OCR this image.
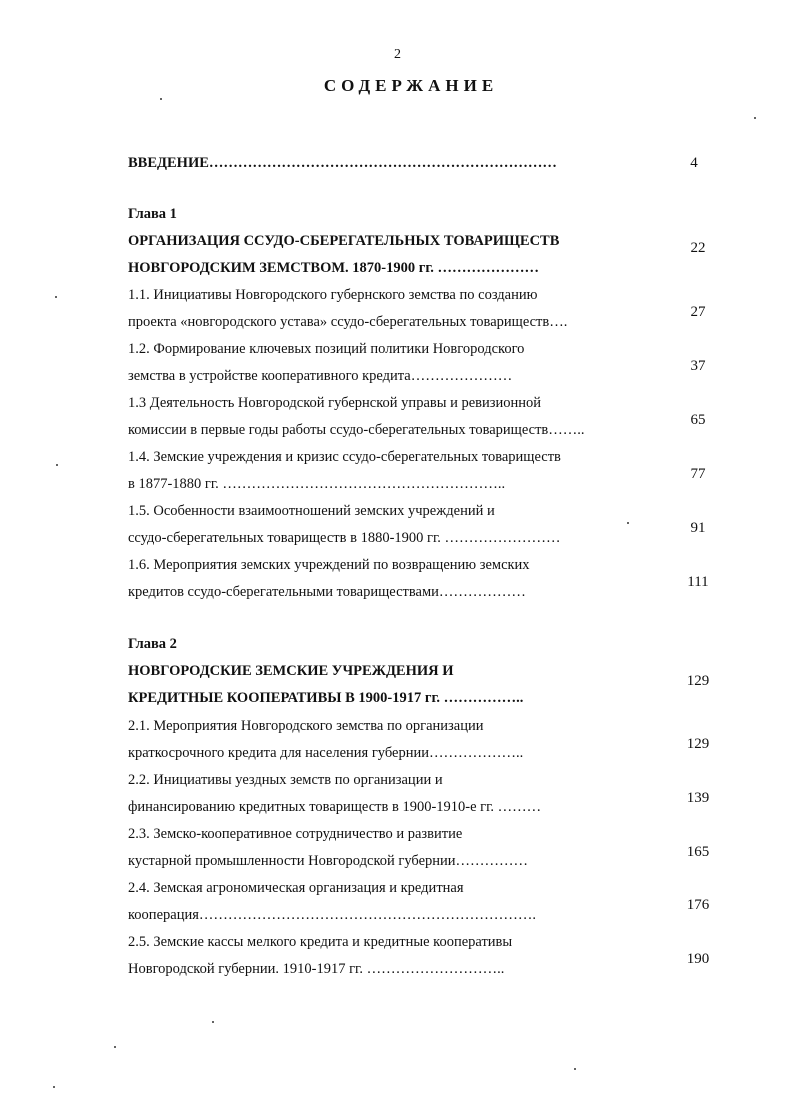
2
СОДЕРЖАНИЕ
ВВЕДЕНИЕ………………………………………………………………	4
Глава 1
ОРГАНИЗАЦИЯ ССУДО-СБЕРЕГАТЕЛЬНЫХ ТОВАРИЩЕСТВ
НОВГОРОДСКИМ ЗЕМСТВОМ. 1870-1900 гг. …………………
22
1.1. Инициативы Новгородского губернского земства по созданию
проекта «новгородского устава» ссудо-сберегательных товариществ….
27
1.2. Формирование ключевых позиций политики Новгородского
земства в устройстве кооперативного кредита…………………
37
1.3 Деятельность Новгородской губернской управы и ревизионной
комиссии в первые годы работы ссудо-сберегательных товариществ……..
65
1.4. Земские учреждения и кризис ссудо-сберегательных товариществ
в 1877-1880 гг. …………………………………………………..
77
1.5. Особенности взаимоотношений земских учреждений и
ссудо-сберегательных товариществ в 1880-1900 гг. ……………………
91
1.6. Мероприятия земских учреждений по возвращению земских
кредитов ссудо-сберегательными товариществами………………
111
Глава 2
НОВГОРОДСКИЕ ЗЕМСКИЕ УЧРЕЖДЕНИЯ И
КРЕДИТНЫЕ КООПЕРАТИВЫ В 1900-1917 гг. ……………..
129
2.1. Мероприятия Новгородского земства по организации
краткосрочного кредита для населения губернии………………..
129
2.2. Инициативы уездных земств по организации и
финансированию кредитных товариществ в 1900-1910-е гг. ………
139
2.3. Земско-кооперативное сотрудничество и развитие
кустарной промышленности Новгородской губернии……………
165
2.4. Земская агрономическая организация и кредитная
кооперация…………………………………………………………….
176
2.5. Земские кассы мелкого кредита и кредитные кооперативы
Новгородской губернии. 1910-1917 гг. ………………………..
190
